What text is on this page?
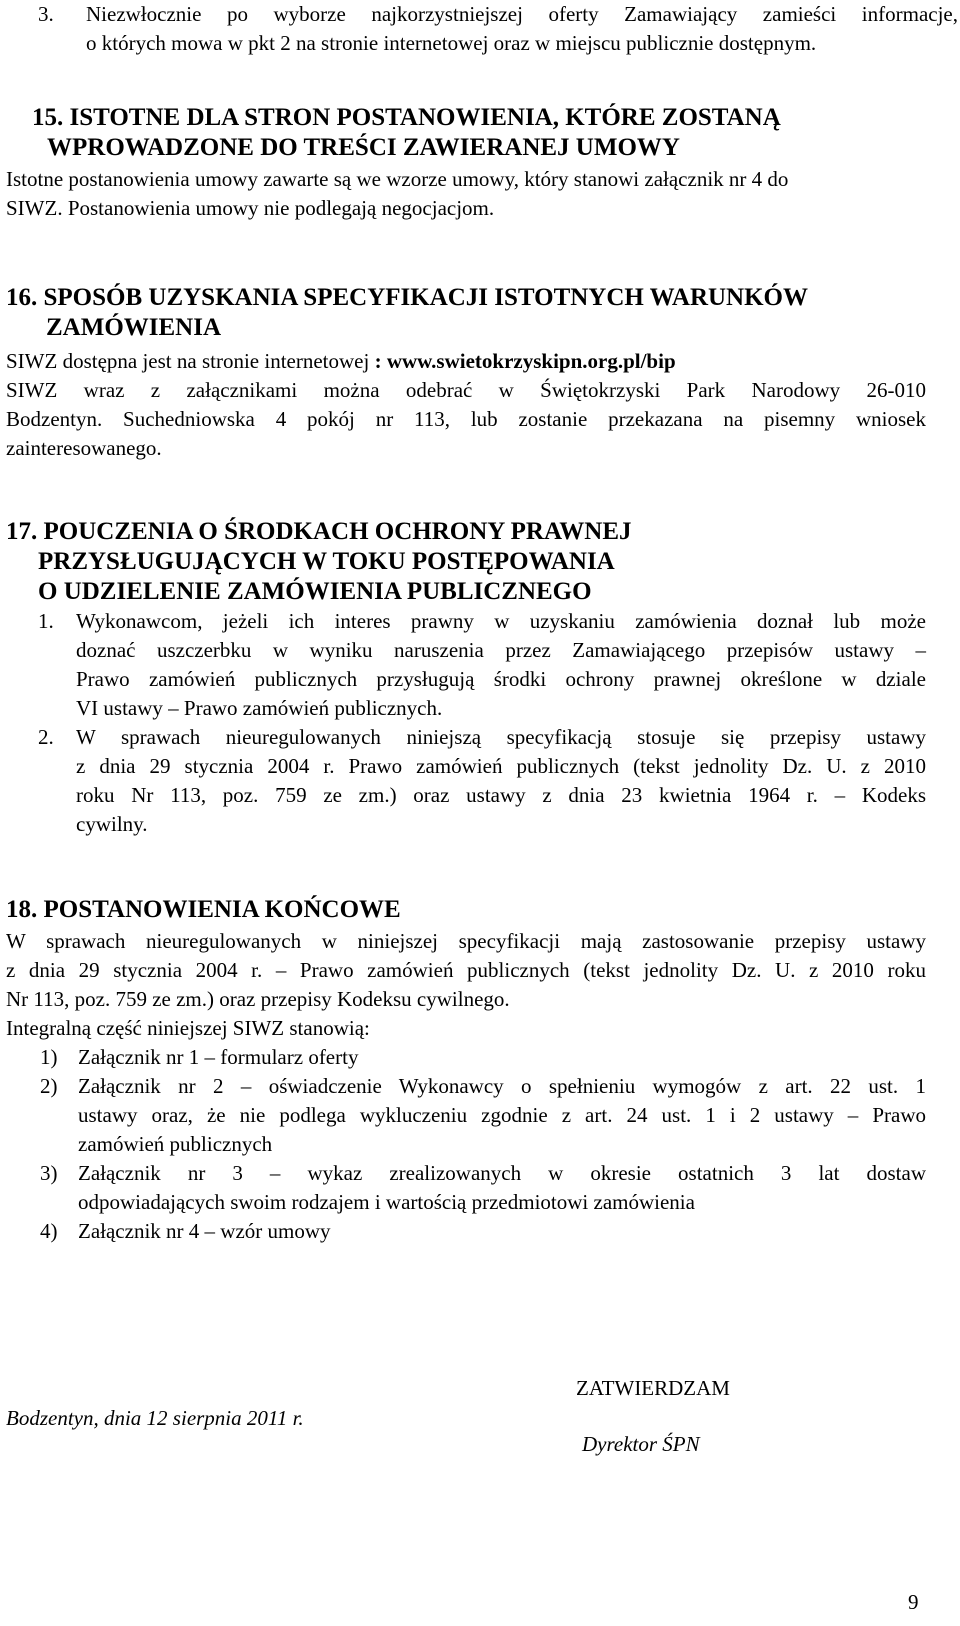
3. Niezwłocznie po wyborze najkorzystniejszej oferty Zamawiający zamieści informacje,
o których mowa w pkt 2 na stronie internetowej oraz w miejscu publicznie dostępnym.
15. ISTOTNE DLA STRON POSTANOWIENIA, KTÓRE ZOSTANĄ
WPROWADZONE DO TREŚCI ZAWIERANEJ UMOWY
Istotne postanowienia umowy zawarte są we wzorze umowy, który stanowi załącznik nr 4 do
SIWZ. Postanowienia umowy nie podlegają negocjacjom.
16. SPOSÓB UZYSKANIA SPECYFIKACJI ISTOTNYCH WARUNKÓW
ZAMÓWIENIA
SIWZ dostępna jest na stronie internetowej : www.swietokrzyskipn.org.pl/bip
SIWZ wraz z załącznikami można odebrać w Świętokrzyski Park Narodowy 26-010
Bodzentyn. Suchedniowska 4 pokój nr 113, lub zostanie przekazana na pisemny wniosek
zainteresowanego.
17. POUCZENIA O ŚRODKACH OCHRONY PRAWNEJ
PRZYSŁUGUJĄCYCH W TOKU POSTĘPOWANIA
O UDZIELENIE ZAMÓWIENIA PUBLICZNEGO
1. Wykonawcom, jeżeli ich interes prawny w uzyskaniu zamówienia doznał lub może
doznać uszczerbku w wyniku naruszenia przez Zamawiającego przepisów ustawy –
Prawo zamówień publicznych przysługują środki ochrony prawnej określone w dziale
VI ustawy – Prawo zamówień publicznych.
2. W sprawach nieuregulowanych niniejszą specyfikacją stosuje się przepisy ustawy
z dnia 29 stycznia 2004 r. Prawo zamówień publicznych (tekst jednolity Dz. U. z 2010
roku Nr 113, poz. 759 ze zm.) oraz ustawy z dnia 23 kwietnia 1964 r. – Kodeks
cywilny.
18. POSTANOWIENIA KOŃCOWE
W sprawach nieuregulowanych w niniejszej specyfikacji mają zastosowanie przepisy ustawy
z dnia 29 stycznia 2004 r. – Prawo zamówień publicznych (tekst jednolity Dz. U. z 2010 roku
Nr 113, poz. 759 ze zm.) oraz przepisy Kodeksu cywilnego.
Integralną część niniejszej SIWZ stanowią:
1) Załącznik nr 1 – formularz oferty
2) Załącznik nr 2 – oświadczenie Wykonawcy o spełnieniu wymogów z art. 22 ust. 1
ustawy oraz, że nie podlega wykluczeniu zgodnie z art. 24 ust. 1 i 2 ustawy – Prawo
zamówień publicznych
3) Załącznik nr 3 – wykaz zrealizowanych w okresie ostatnich 3 lat dostaw
odpowiadających swoim rodzajem i wartością przedmiotowi zamówienia
4) Załącznik nr 4 – wzór umowy
ZATWIERDZAM
Bodzentyn, dnia 12 sierpnia 2011 r.
Dyrektor ŚPN
9
